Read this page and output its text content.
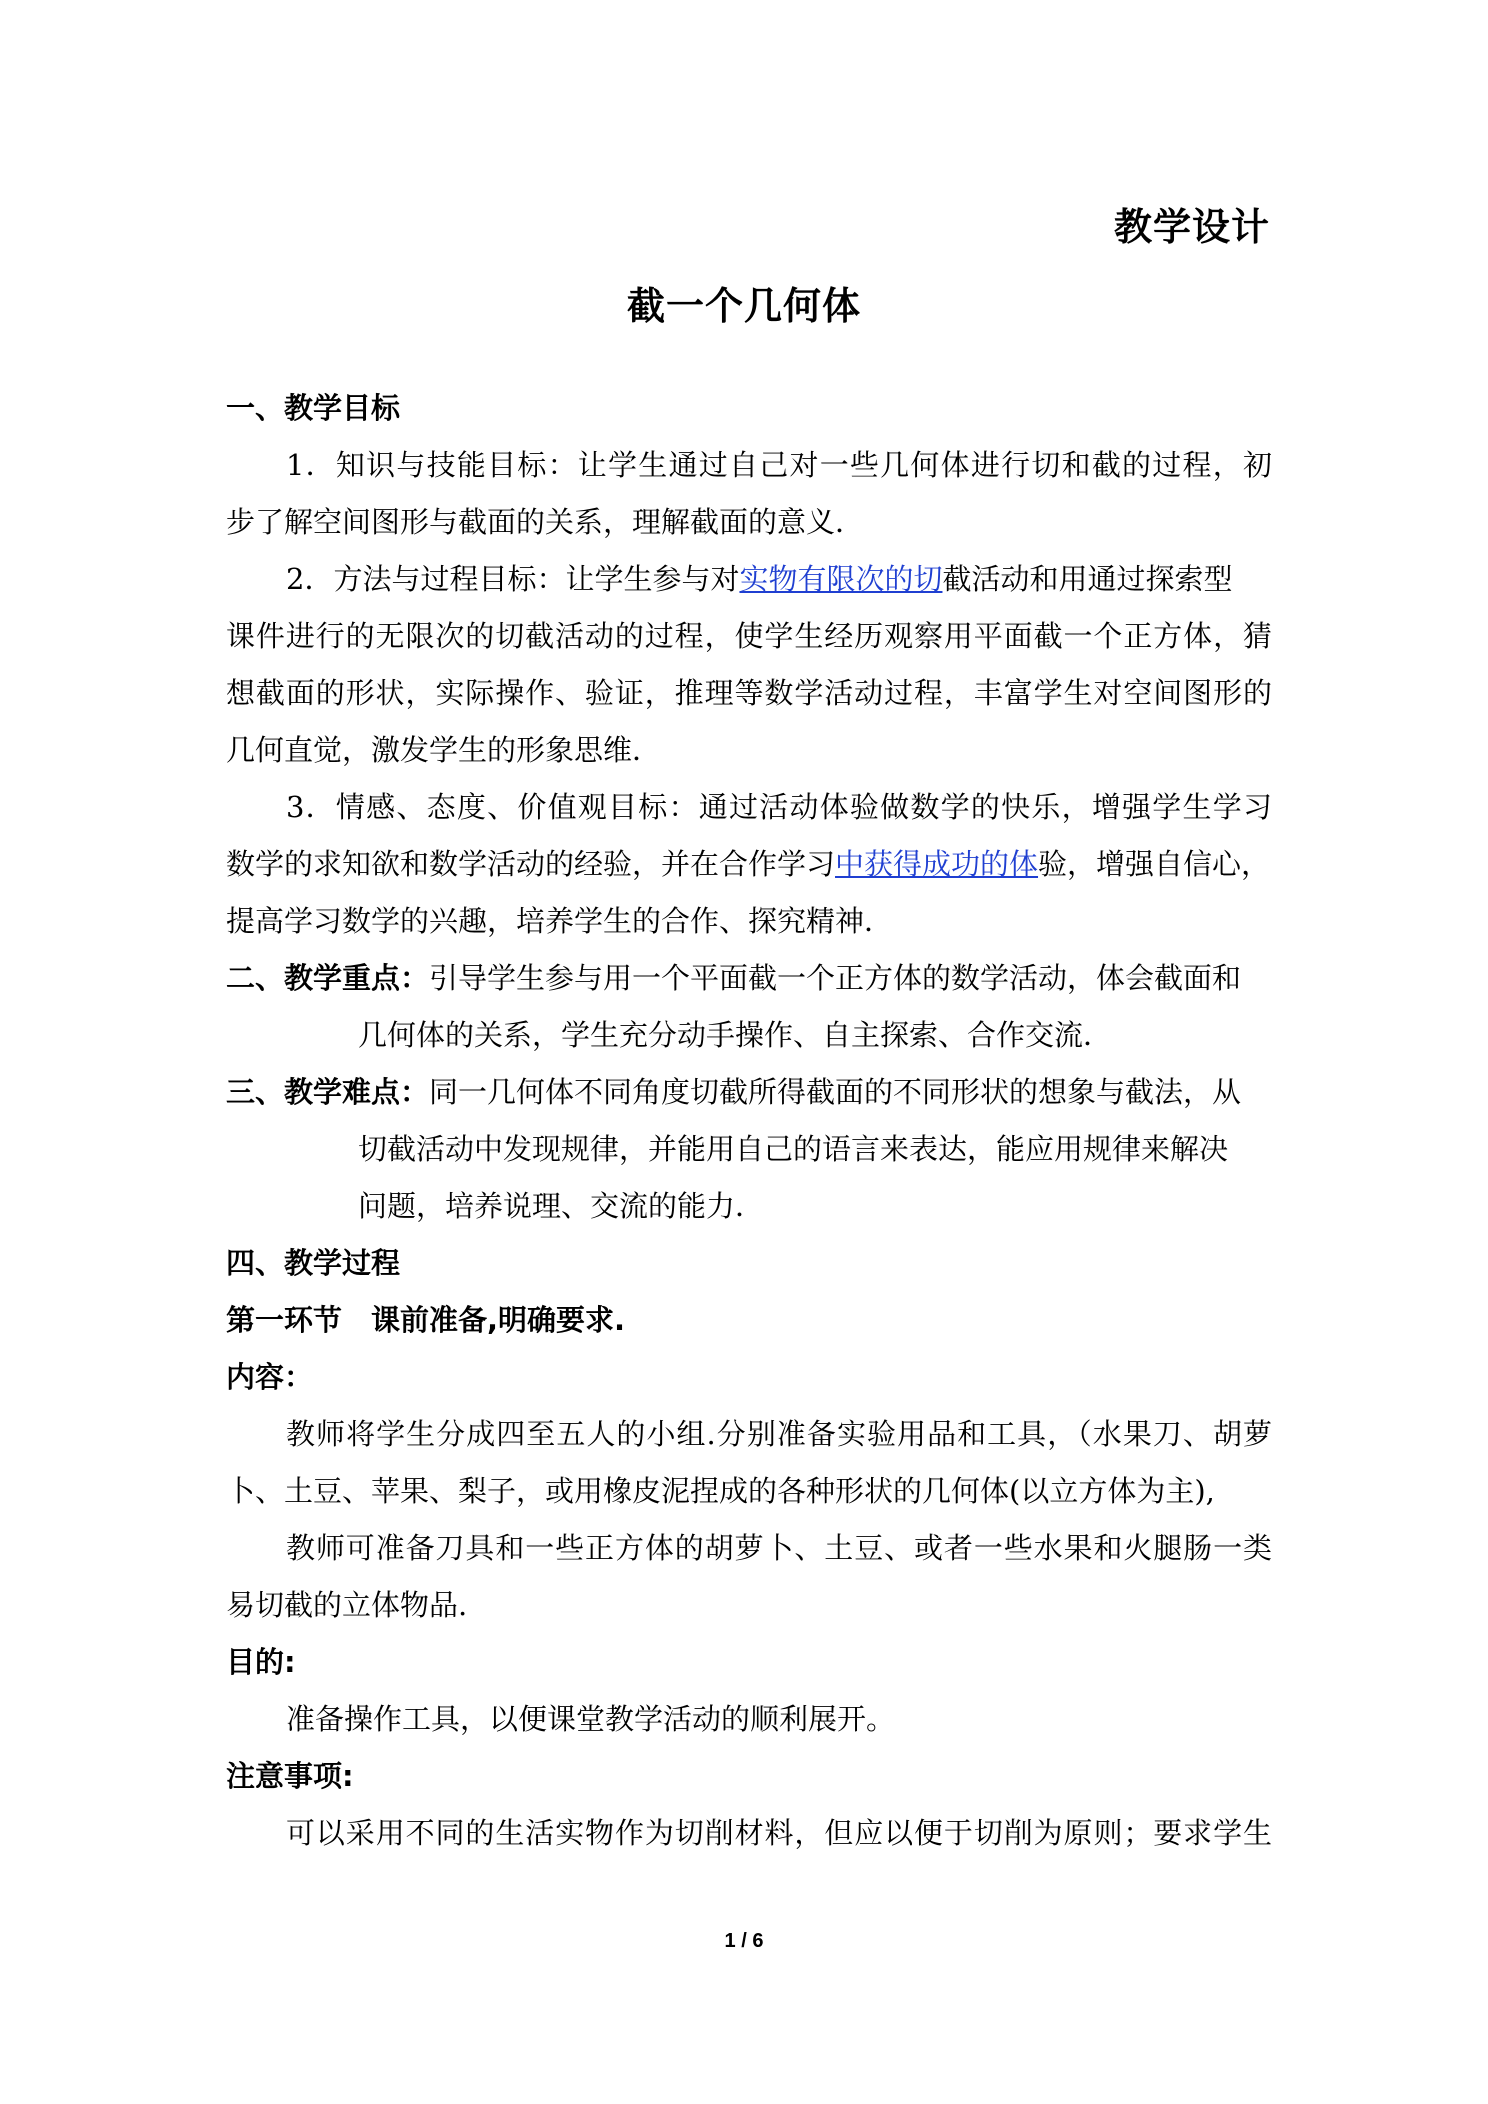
教学设计
截一个几何体
一、教学目标
1．知识与技能目标：让学生通过自己对一些几何体进行切和截的过程，初
步了解空间图形与截面的关系，理解截面的意义．
2．方法与过程目标：让学生参与对实物有限次的切截活动和用通过探索型
课件进行的无限次的切截活动的过程，使学生经历观察用平面截一个正方体，猜
想截面的形状，实际操作、验证，推理等数学活动过程，丰富学生对空间图形的
几何直觉，激发学生的形象思维．
3．情感、态度、价值观目标：通过活动体验做数学的快乐，增强学生学习
数学的求知欲和数学活动的经验，并在合作学习中获得成功的体验，增强自信心，
提高学习数学的兴趣，培养学生的合作、探究精神．
二、教学重点：引导学生参与用一个平面截一个正方体的数学活动，体会截面和
几何体的关系，学生充分动手操作、自主探索、合作交流．
三、教学难点：同一几何体不同角度切截所得截面的不同形状的想象与截法，从
切截活动中发现规律，并能用自己的语言来表达，能应用规律来解决
问题，培养说理、交流的能力．
四、教学过程
第一环节　课前准备,明确要求.
内容：
教师将学生分成四至五人的小组.分别准备实验用品和工具，（水果刀、胡萝
卜、土豆、苹果、梨子，或用橡皮泥捏成的各种形状的几何体(以立方体为主),
教师可准备刀具和一些正方体的胡萝卜、土豆、或者一些水果和火腿肠一类
易切截的立体物品.
目的:
准备操作工具，以便课堂教学活动的顺利展开。
注意事项:
可以采用不同的生活实物作为切削材料，但应以便于切削为原则；要求学生
1 / 6
